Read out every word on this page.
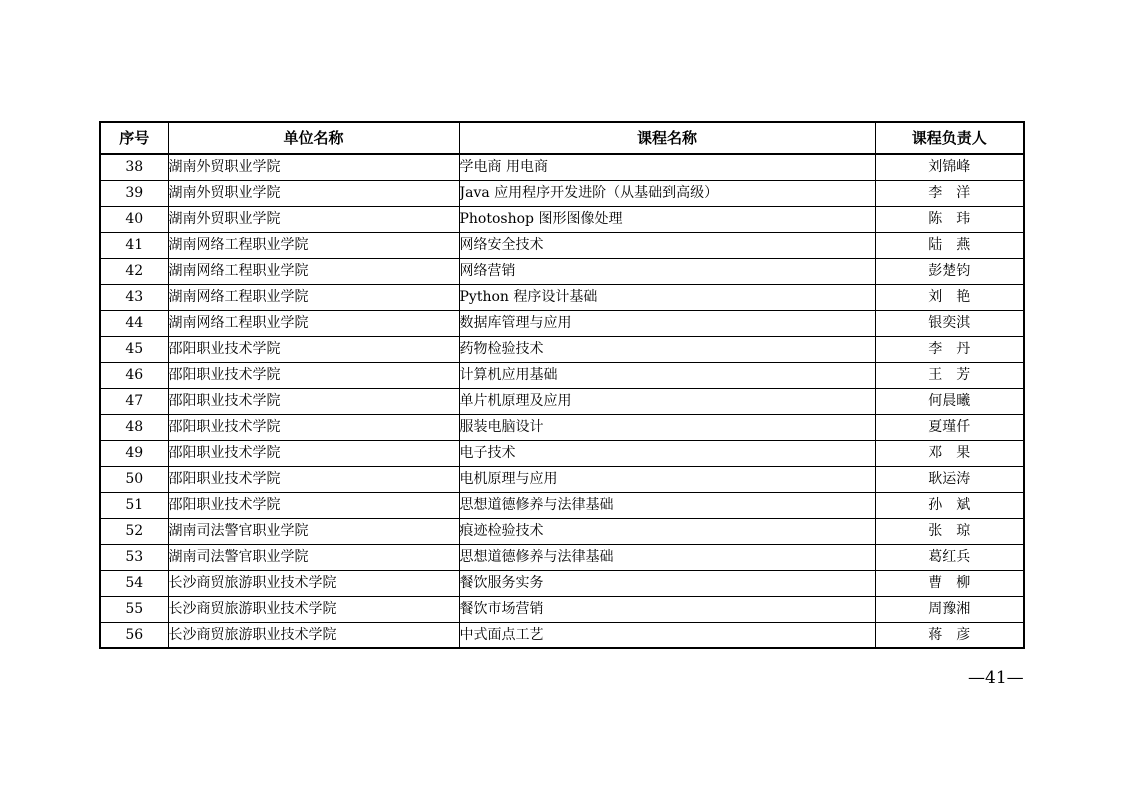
序号	单位名称	课程名称	课程负责人
38	湖南外贸职业学院	学电商 用电商	刘锦峰
39	湖南外贸职业学院	Java 应用程序开发进阶（从基础到高级）	李　洋
40	湖南外贸职业学院	Photoshop 图形图像处理	陈　玮
41	湖南网络工程职业学院	网络安全技术	陆　燕
42	湖南网络工程职业学院	网络营销	彭楚钧
43	湖南网络工程职业学院	Python 程序设计基础	刘　艳
44	湖南网络工程职业学院	数据库管理与应用	银奕淇
45	邵阳职业技术学院	药物检验技术	李　丹
46	邵阳职业技术学院	计算机应用基础	王　芳
47	邵阳职业技术学院	单片机原理及应用	何晨曦
48	邵阳职业技术学院	服装电脑设计	夏瑾仟
49	邵阳职业技术学院	电子技术	邓　果
50	邵阳职业技术学院	电机原理与应用	耿运涛
51	邵阳职业技术学院	思想道德修养与法律基础	孙　斌
52	湖南司法警官职业学院	痕迹检验技术	张　琼
53	湖南司法警官职业学院	思想道德修养与法律基础	葛红兵
54	长沙商贸旅游职业技术学院	餐饮服务实务	曹　柳
55	长沙商贸旅游职业技术学院	餐饮市场营销	周豫湘
56	长沙商贸旅游职业技术学院	中式面点工艺	蒋　彦
—41—
